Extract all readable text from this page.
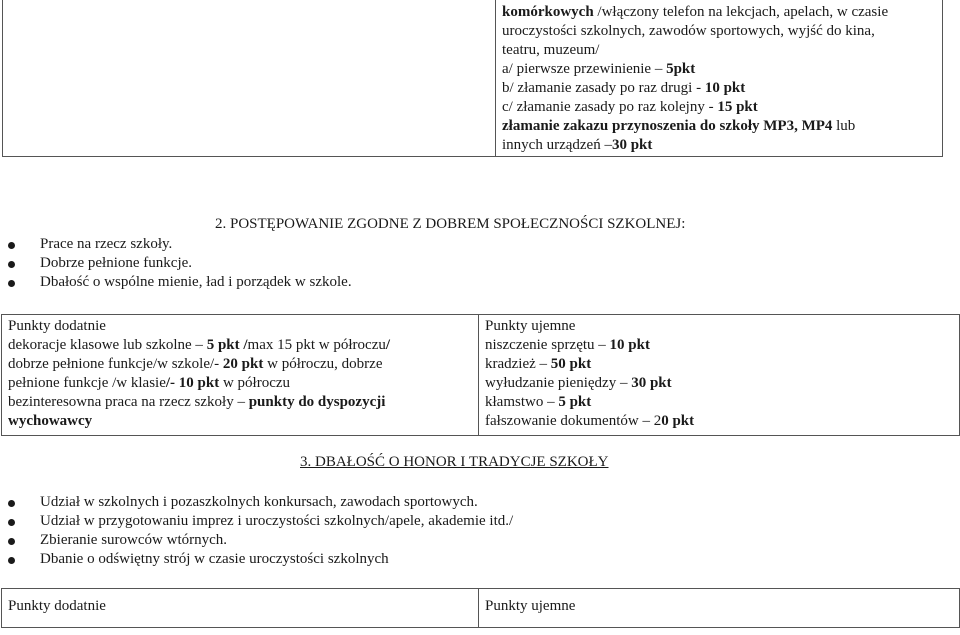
komórkowych /włączony telefon na lekcjach, apelach, w czasie
uroczystości szkolnych, zawodów sportowych, wyjść do kina,
teatru, muzeum/
a/ pierwsze przewinienie – 5pkt
b/ złamanie zasady po raz drugi - 10 pkt
c/ złamanie zasady po raz kolejny - 15 pkt
złamanie zakazu przynoszenia do szkoły MP3, MP4 lub
innych urządzeń –30 pkt
2. POSTĘPOWANIE ZGODNE Z DOBREM SPOŁECZNOŚCI SZKOLNEJ:
Prace na rzecz szkoły.
Dobrze pełnione funkcje.
Dbałość o wspólne mienie, ład i porządek w szkole.
Punkty dodatnie
dekoracje klasowe lub szkolne – 5 pkt /max 15 pkt w półroczu/
dobrze pełnione funkcje/w szkole/- 20 pkt w półroczu, dobrze
pełnione funkcje /w klasie/- 10 pkt w półroczu
bezinteresowna praca na rzecz szkoły – punkty do dyspozycji
wychowawcy
Punkty ujemne
niszczenie sprzętu – 10 pkt
kradzież – 50 pkt
wyłudzanie pieniędzy – 30 pkt
kłamstwo – 5 pkt
fałszowanie dokumentów – 20 pkt
3. DBAŁOŚĆ O HONOR I TRADYCJE SZKOŁY
Udział w szkolnych i pozaszkolnych konkursach, zawodach sportowych.
Udział w przygotowaniu imprez i uroczystości szkolnych/apele, akademie itd./
Zbieranie surowców wtórnych.
Dbanie o odświętny strój w czasie uroczystości szkolnych
Punkty dodatnie	Punkty ujemne
